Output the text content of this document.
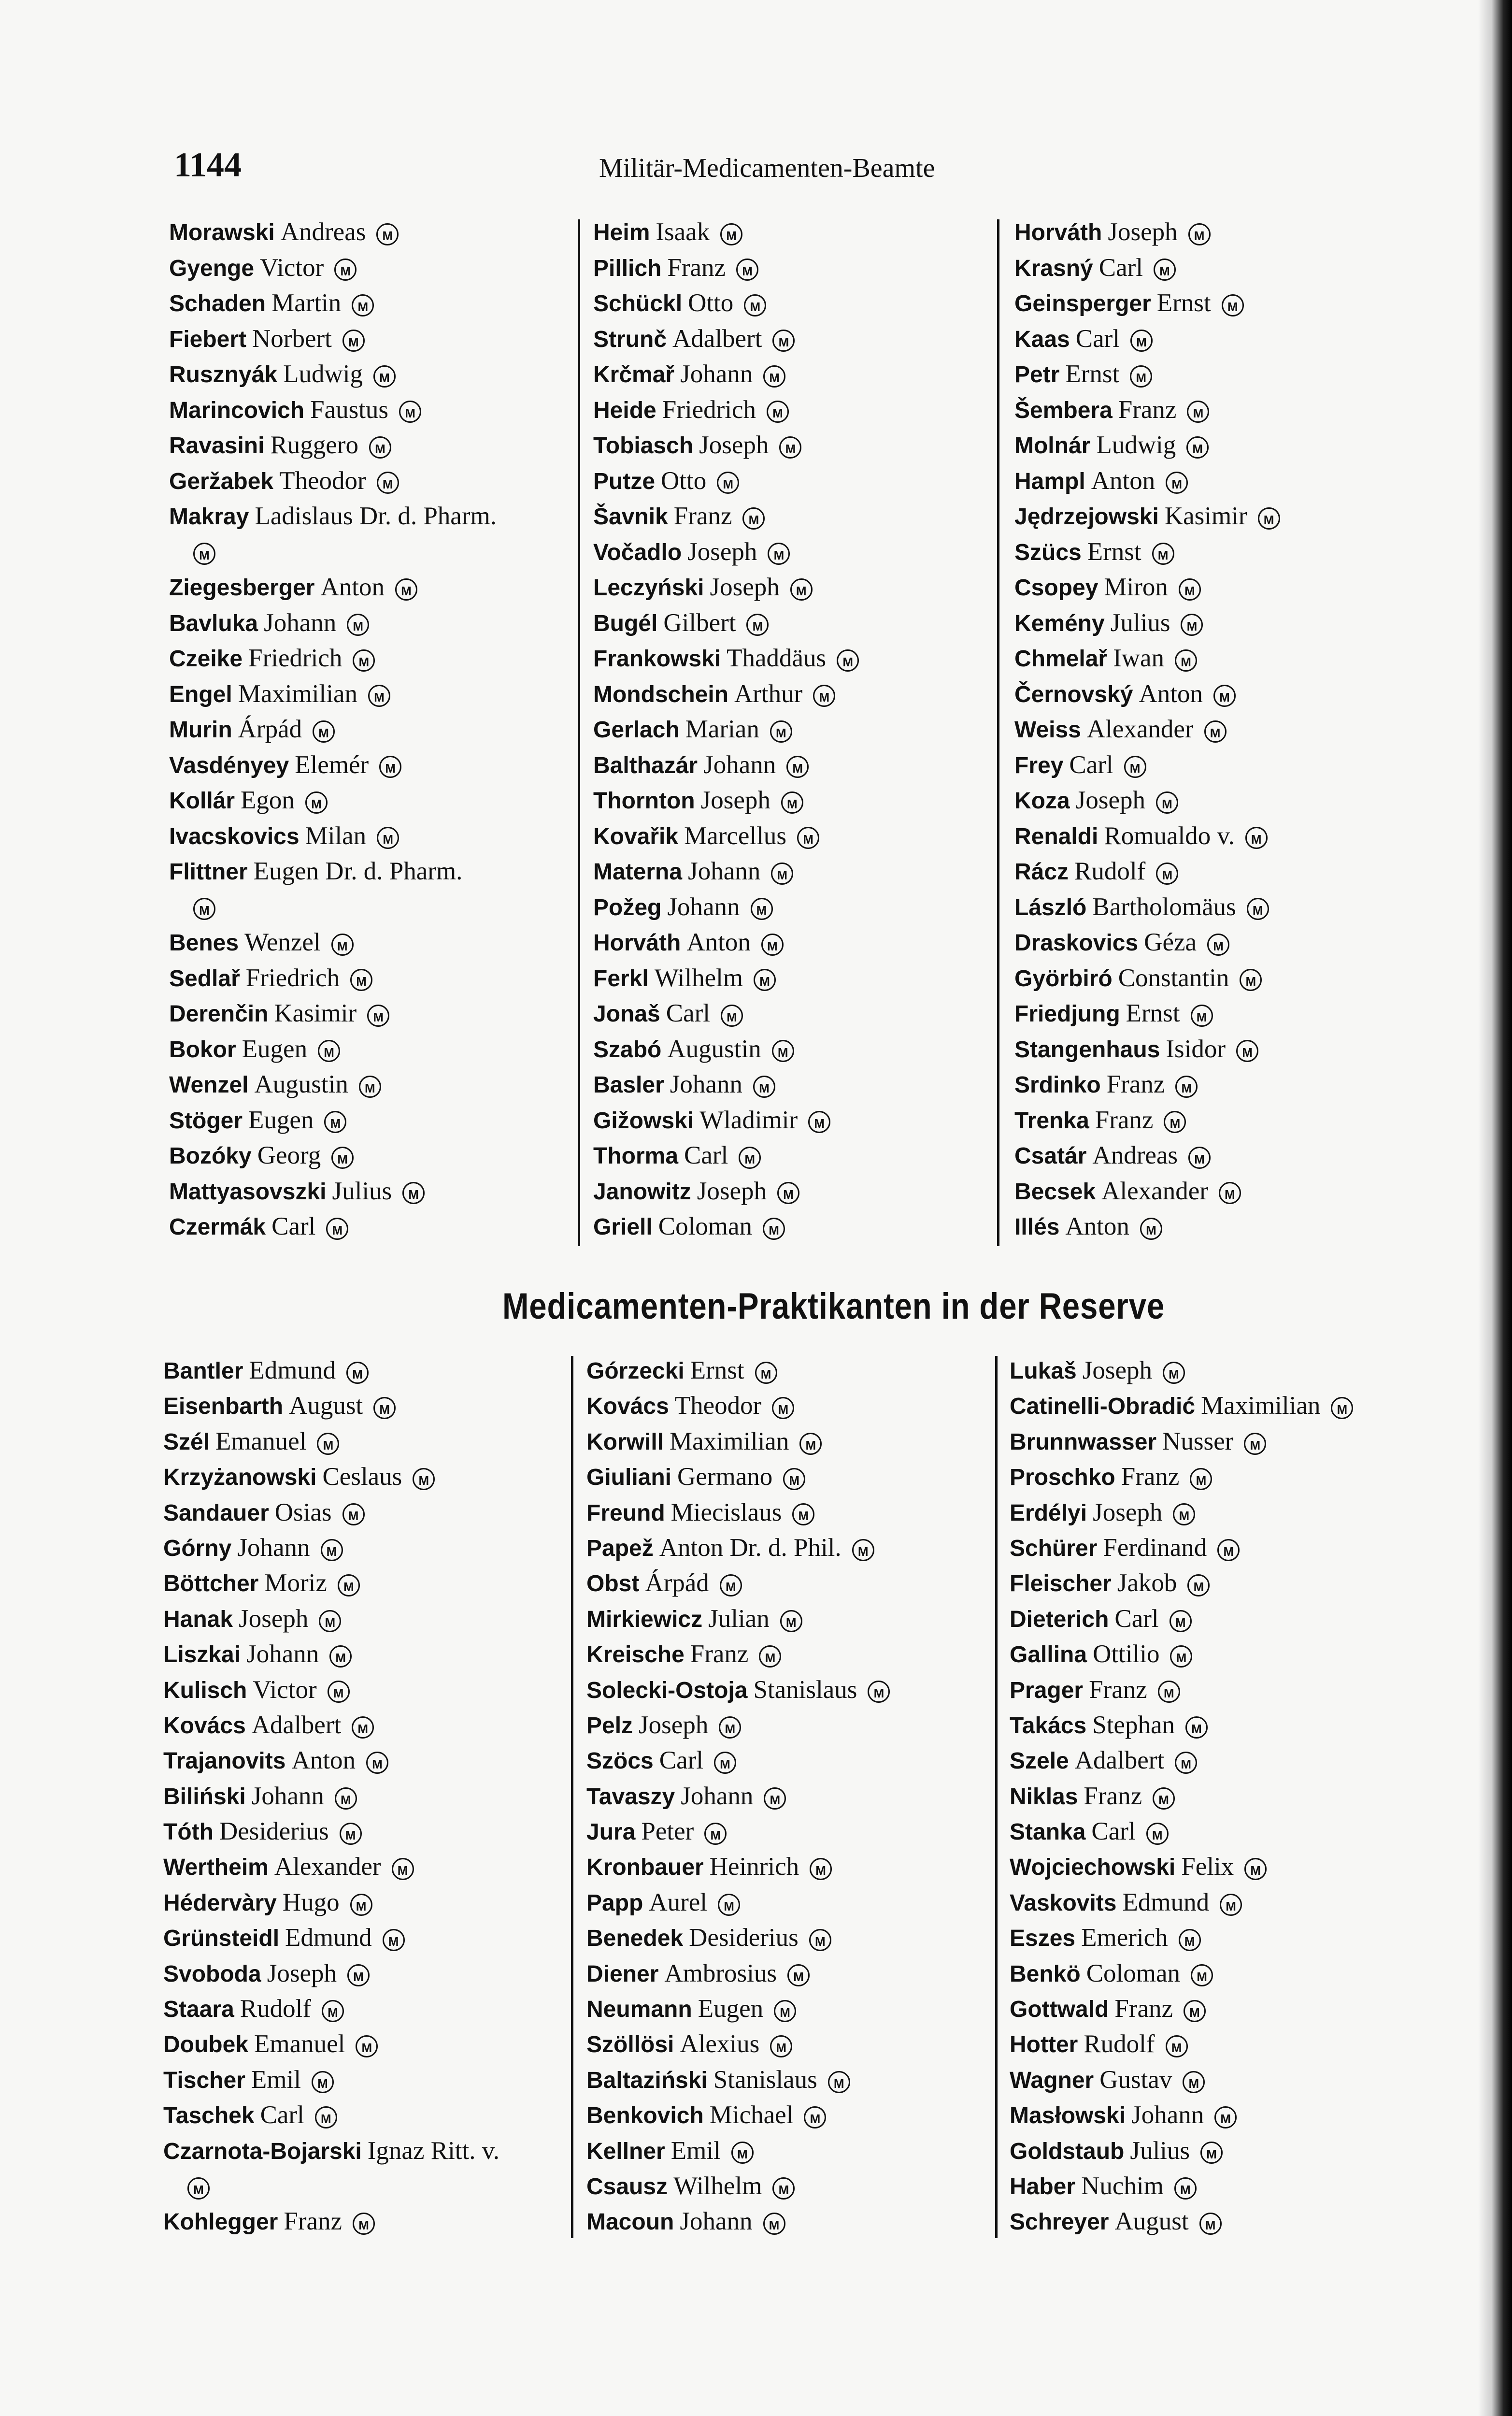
1144	Militär-Medicamenten-Beamte
Morawski Andreas M
Gyenge Victor M
Schaden Martin M
Fiebert Norbert M
Rusznyák Ludwig M
Marincovich Faustus M
Ravasini Ruggero M
Geržabek Theodor M
Makray Ladislaus Dr. d. Pharm.
M
Ziegesberger Anton M
Bavluka Johann M
Czeike Friedrich M
Engel Maximilian M
Murin Árpád M
Vasdényey Elemér M
Kollár Egon M
Ivacskovics Milan M
Flittner Eugen Dr. d. Pharm.
M
Benes Wenzel M
Sedlař Friedrich M
Derenčin Kasimir M
Bokor Eugen M
Wenzel Augustin M
Stöger Eugen M
Bozóky Georg M
Mattyasovszki Julius M
Czermák Carl M
Heim Isaak M
Pillich Franz M
Schückl Otto M
Strunč Adalbert M
Krčmař Johann M
Heide Friedrich M
Tobiasch Joseph M
Putze Otto M
Šavnik Franz M
Vočadlo Joseph M
Leczyński Joseph M
Bugél Gilbert M
Frankowski Thaddäus M
Mondschein Arthur M
Gerlach Marian M
Balthazár Johann M
Thornton Joseph M
Kovařik Marcellus M
Materna Johann M
Požeg Johann M
Horváth Anton M
Ferkl Wilhelm M
Jonaš Carl M
Szabó Augustin M
Basler Johann M
Gižowski Wladimir M
Thorma Carl M
Janowitz Joseph M
Griell Coloman M
Horváth Joseph M
Krasný Carl M
Geinsperger Ernst M
Kaas Carl M
Petr Ernst M
Šembera Franz M
Molnár Ludwig M
Hampl Anton M
Jędrzejowski Kasimir M
Szücs Ernst M
Csopey Miron M
Kemény Julius M
Chmelař Iwan M
Černovský Anton M
Weiss Alexander M
Frey Carl M
Koza Joseph M
Renaldi Romualdo v. M
Rácz Rudolf M
László Bartholomäus M
Draskovics Géza M
Györbiró Constantin M
Friedjung Ernst M
Stangenhaus Isidor M
Srdinko Franz M
Trenka Franz M
Csatár Andreas M
Becsek Alexander M
Illés Anton M
Medicamenten-Praktikanten in der Reserve
Bantler Edmund M
Eisenbarth August M
Szél Emanuel M
Krzyżanowski Ceslaus M
Sandauer Osias M
Górny Johann M
Böttcher Moriz M
Hanak Joseph M
Liszkai Johann M
Kulisch Victor M
Kovács Adalbert M
Trajanovits Anton M
Biliński Johann M
Tóth Desiderius M
Wertheim Alexander M
Hédervàry Hugo M
Grünsteidl Edmund M
Svoboda Joseph M
Staara Rudolf M
Doubek Emanuel M
Tischer Emil M
Taschek Carl M
Czarnota-Bojarski Ignaz Ritt. v.
M
Kohlegger Franz M
Górzecki Ernst M
Kovács Theodor M
Korwill Maximilian M
Giuliani Germano M
Freund Miecislaus M
Papež Anton Dr. d. Phil. M
Obst Árpád M
Mirkiewicz Julian M
Kreische Franz M
Solecki-Ostoja Stanislaus M
Pelz Joseph M
Szöcs Carl M
Tavaszy Johann M
Jura Peter M
Kronbauer Heinrich M
Papp Aurel M
Benedek Desiderius M
Diener Ambrosius M
Neumann Eugen M
Szöllösi Alexius M
Baltaziński Stanislaus M
Benkovich Michael M
Kellner Emil M
Csausz Wilhelm M
Macoun Johann M
Lukaš Joseph M
Catinelli-Obradić Maximilian M
Brunnwasser Nusser M
Proschko Franz M
Erdélyi Joseph M
Schürer Ferdinand M
Fleischer Jakob M
Dieterich Carl M
Gallina Ottilio M
Prager Franz M
Takács Stephan M
Szele Adalbert M
Niklas Franz M
Stanka Carl M
Wojciechowski Felix M
Vaskovits Edmund M
Eszes Emerich M
Benkö Coloman M
Gottwald Franz M
Hotter Rudolf M
Wagner Gustav M
Masłowski Johann M
Goldstaub Julius M
Haber Nuchim M
Schreyer August M
